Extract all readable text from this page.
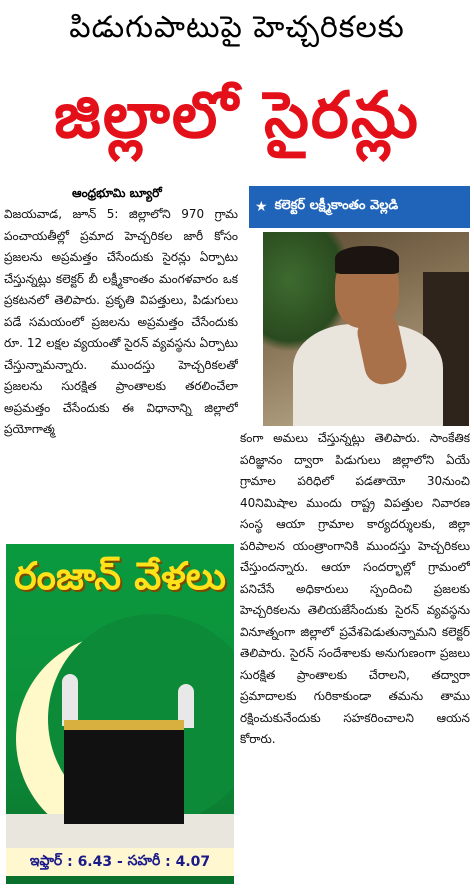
పిడుగుపాటుపై హెచ్చరికలకు
జిల్లాలో సైరన్లు
ఆంధ్రభూమి బ్యూరో
విజయవాడ, జూన్ 5: జిల్లాలోని 970 గ్రామ పంచాయతీల్లో ప్రమాద హెచ్చరికల జారీ కోసం ప్రజలను అప్రమత్తం చేసేందుకు సైరన్లు ఏర్పాటు చేస్తున్నట్లు కలెక్టర్ బీ లక్ష్మీకాంతం మంగళవారం ఒక ప్రకటనలో తెలిపారు. ప్రకృతి విపత్తులు, పిడుగులు పడే సమయంలో ప్రజలను అప్రమత్తం చేసేందుకు రూ. 12 లక్షల వ్యయంతో సైరన్ వ్యవస్థను ఏర్పాటు చేస్తున్నామన్నారు. ముందస్తు హెచ్చరికలతో ప్రజలను సురక్షిత ప్రాంతాలకు తరలించేలా అప్రమత్తం చేసేందుకు ఈ విధానాన్ని జిల్లాలో ప్రయోగాత్మ
★ కలెక్టర్ లక్ష్మీకాంతం వెల్లడి
కంగా అమలు చేస్తున్నట్లు తెలిపారు. సాంకేతిక పరిజ్ఞానం ద్వారా పిడుగులు జిల్లాలోని ఏయే గ్రామాల పరిధిలో పడతాయో 30నుంచి 40నిమిషాల ముందు రాష్ట్ర విపత్తుల నివారణ సంస్థ ఆయా గ్రామాల కార్యదర్శులకు, జిల్లా పరిపాలన యంత్రాంగానికి ముందస్తు హెచ్చరికలు చేస్తుందన్నారు. ఆయా సందర్భాల్లో గ్రామంలో పనిచేసే అధికారులు స్పందించి ప్రజలకు హెచ్చరికలను తెలియజేసేందుకు సైరన్ వ్యవస్థను వినూత్నంగా జిల్లాలో ప్రవేశపెడుతున్నామని కలెక్టర్ తెలిపారు. సైరన్ సందేశాలకు అనుగుణంగా ప్రజలు సురక్షిత ప్రాంతాలకు చేరాలని, తద్వారా ప్రమాదాలకు గురికాకుండా తమను తాము రక్షించుకునేందుకు సహకరించాలని ఆయన కోరారు.
రంజాన్ వేళలు
ఇఫ్తార్ : 6.43 - సహరీ : 4.07
